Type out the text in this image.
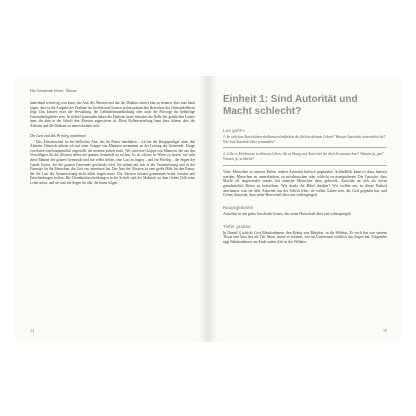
Die Gemeinde leiten: Älteste

manchmal schwierig sein kann, das Amt des Ältesten und das des Diakons immer klar zu trennen, aber man kann sagen, dass es die Aufgabe der Diakone im Großen und Ganzen in den praktischen Bereichen des Gemeindelebens liegt. Das können etwa die Verwaltung, die Gebäudeinstandhaltung oder auch die Fürsorge für bedürftige Gemindemitglieder sein. In vielen Gemeinden haben die Diakone heute meistens die Rolle des geistlichen Leiters inne, die aber in der Schrift den Ältesten zugewiesen ist. Diese Rollenverteilung kann dazu führen, dass die Ältesten und die Diakone zu unterscheiden sind.

Die Last und das Privileg annehmen

Das Ältestenschaft ist ein biblisches Amt, das als Pastor innehaben – ich bin der Hauptprediger unter den Ältesten. Dennoch arbeite ich mit einer Gruppe von Männern zusammen an der Leitung der Gemeinde. Einige von ihnen sind hauptamtlich angestellt, die meisten jedoch nicht. Wir sind eine Gruppe von Männern, die aus den Vorschlägen für die Ältesten neben der ganzen Gemeinde zu suchen. Es ist schwer, in Worte zu fassen, wie sehr diese Männer der ganzen Gemeinde und mir selbst helfen, eine Last zu tragen – und ein Privileg – der Segen der Gnade Gottes, die der ganzen Gemeinde geschenkt wird. Sie stehen mit mir in der Verantwortung und in der Fürsorge für die Menschen, die Gott uns anvertraut hat. Das Amt der Ältesten ist eine große Hilfe für den Pastor, der die Last der Verantwortung nicht allein tragen muss. Die Ältesten können gemeinsam beten, beraten und Entscheidungen treffen. Die Charakterbeschreibungen in der Schrift sind der Maßstab, an dem Gottes Volk seine Leiter misst, und sie sind ein Segen für alle, die ihnen folgen.

14
Einheit 1: Sind Autorität und Macht schlecht?
Los geht's

1. In welchen Autoritätsverhältnissen befindest du dich in deinem Leben? Wessen Autorität unterstehst du? Wer hat Autorität über jemanden?

2. Gibt es Erlebnisse in deinem Leben, die in Bezug auf Autorität für dich herausstechen? Warum ja, gut? Warum ja, schlecht?

Viele Menschen in unserer Kultur stehen Autorität kritisch gegenüber. Schließlich kann es dazu benutzt werden, Menschen zu unterdrücken, zu missbrauchen oder schlicht zu manipulieren. Die Tatsache, dass Macht oft angewendet wurde, hat manche Menschen dazu gebracht, Autorität an sich als etwas grundsätzlich Böses zu betrachten. Wie denkt die Bibel darüber? Wir wollen uns in dieser Einheit anschauen, was sie über Autorität aus der Schrift lehrt: sie sollen Gaben sein, die Gott gegeben hat, und Gottes Autorität, dass seine Herrschaft über uns widerspiegelt.

Hauptgedanke

Autorität ist ein gutes Geschenk Gottes, das seine Herrschaft über uns widerspiegelt.

Tiefer graben

In Daniel 4 schickt Gott Nebukadnezar, den König von Babylon, in die Wildnis. Er wirft ihn von seinem Thron und lässt ihn als Tier leben, damit er erkennt, wer im Universum wirklich das Sagen hat. Folgendes sagt Nebukadnezar am Ende seiner Zeit in der Wildnis:

15
